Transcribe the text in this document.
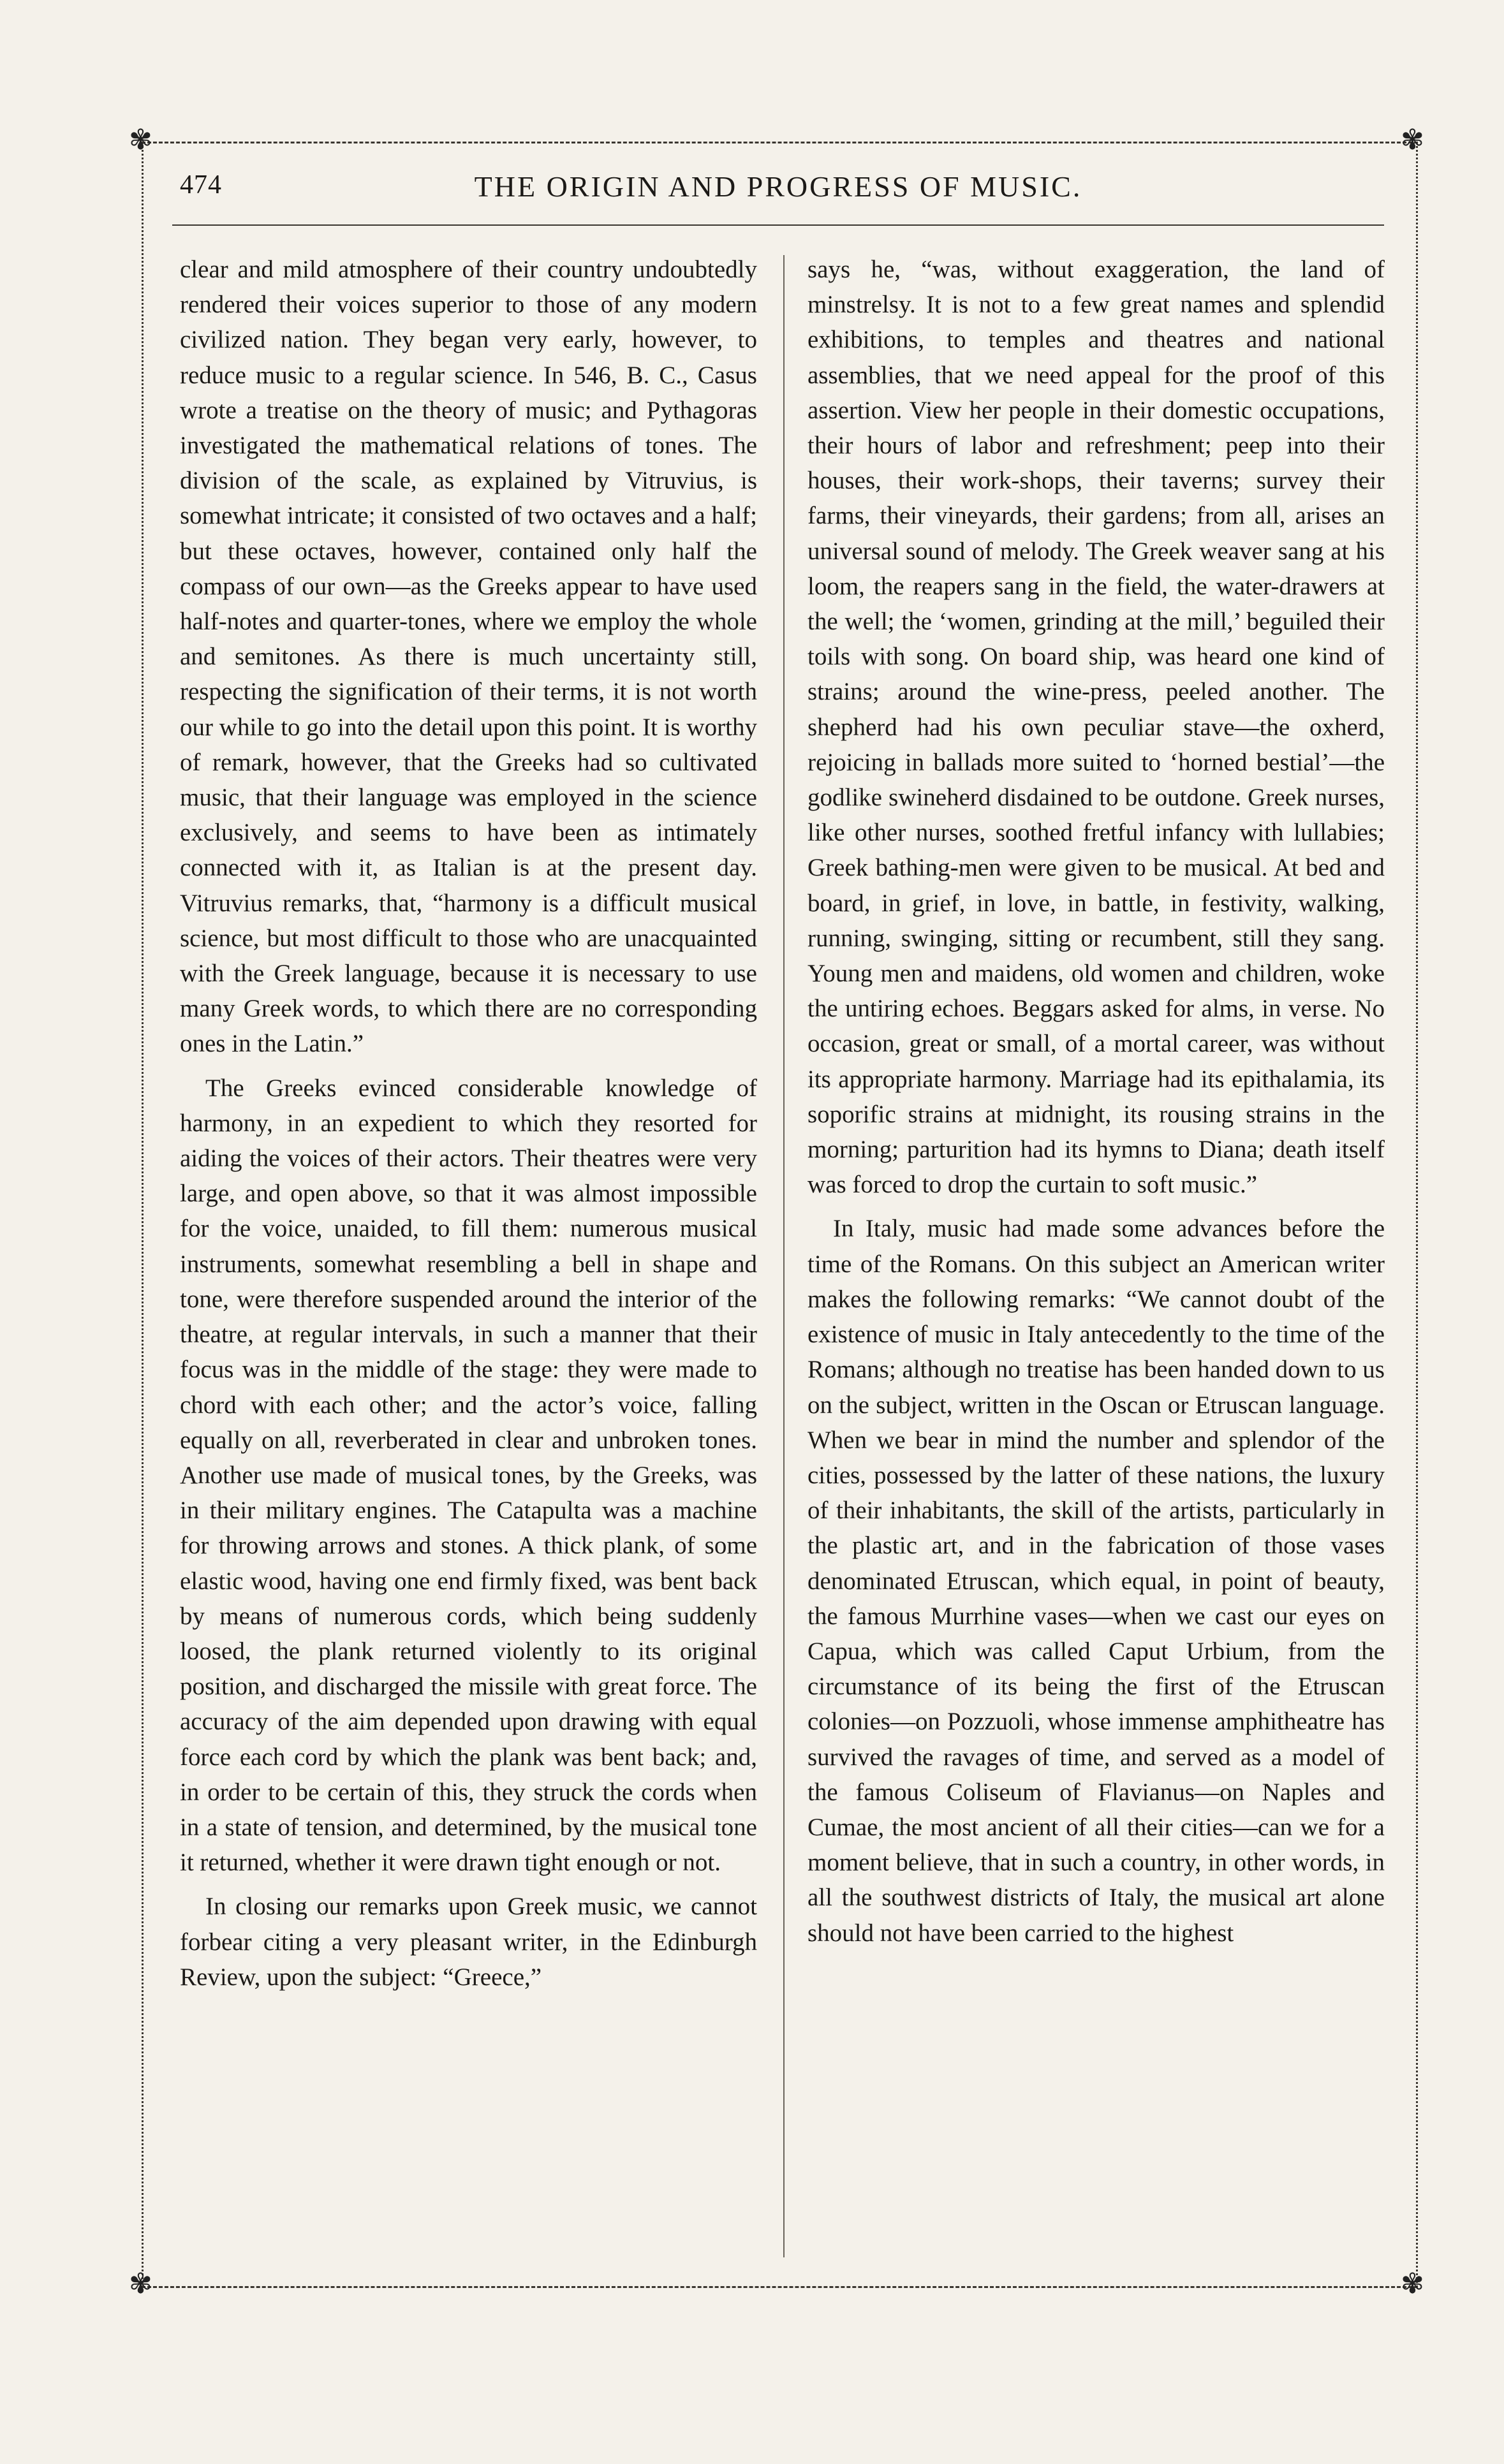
✾	✾
✾	✾
474	THE ORIGIN AND PROGRESS OF MUSIC.

clear and mild atmosphere of their country undoubtedly rendered their voices superior to those of any modern civilized nation. They began very early, however, to reduce music to a regular science. In 546, B. C., Casus wrote a treatise on the theory of music; and Pythagoras investigated the mathematical relations of tones. The division of the scale, as explained by Vitruvius, is somewhat intricate; it consisted of two octaves and a half; but these octaves, however, contained only half the compass of our own—as the Greeks appear to have used half-notes and quarter-tones, where we employ the whole and semitones. As there is much uncertainty still, respecting the signification of their terms, it is not worth our while to go into the detail upon this point. It is worthy of remark, however, that the Greeks had so cultivated music, that their language was employed in the science exclusively, and seems to have been as intimately connected with it, as Italian is at the present day. Vitruvius remarks, that, “harmony is a difficult musical science, but most difficult to those who are unacquainted with the Greek language, because it is necessary to use many Greek words, to which there are no corresponding ones in the Latin.”

The Greeks evinced considerable knowledge of harmony, in an expedient to which they resorted for aiding the voices of their actors. Their theatres were very large, and open above, so that it was almost impossible for the voice, unaided, to fill them: numerous musical instruments, somewhat resembling a bell in shape and tone, were therefore suspended around the interior of the theatre, at regular intervals, in such a manner that their focus was in the middle of the stage: they were made to chord with each other; and the actor’s voice, falling equally on all, reverberated in clear and unbroken tones. Another use made of musical tones, by the Greeks, was in their military engines. The Catapulta was a machine for throwing arrows and stones. A thick plank, of some elastic wood, having one end firmly fixed, was bent back by means of numerous cords, which being suddenly loosed, the plank returned violently to its original position, and discharged the missile with great force. The accuracy of the aim depended upon drawing with equal force each cord by which the plank was bent back; and, in order to be certain of this, they struck the cords when in a state of tension, and determined, by the musical tone it returned, whether it were drawn tight enough or not.

In closing our remarks upon Greek music, we cannot forbear citing a very pleasant writer, in the Edinburgh Review, upon the subject: “Greece,”

says he, “was, without exaggeration, the land of minstrelsy. It is not to a few great names and splendid exhibitions, to temples and theatres and national assemblies, that we need appeal for the proof of this assertion. View her people in their domestic occupations, their hours of labor and refreshment; peep into their houses, their work-shops, their taverns; survey their farms, their vineyards, their gardens; from all, arises an universal sound of melody. The Greek weaver sang at his loom, the reapers sang in the field, the water-drawers at the well; the ‘women, grinding at the mill,’ beguiled their toils with song. On board ship, was heard one kind of strains; around the wine-press, peeled another. The shepherd had his own peculiar stave—the oxherd, rejoicing in ballads more suited to ‘horned bestial’—the godlike swineherd disdained to be outdone. Greek nurses, like other nurses, soothed fretful infancy with lullabies; Greek bathing-men were given to be musical. At bed and board, in grief, in love, in battle, in festivity, walking, running, swinging, sitting or recumbent, still they sang. Young men and maidens, old women and children, woke the untiring echoes. Beggars asked for alms, in verse. No occasion, great or small, of a mortal career, was without its appropriate harmony. Marriage had its epithalamia, its soporific strains at midnight, its rousing strains in the morning; parturition had its hymns to Diana; death itself was forced to drop the curtain to soft music.”

In Italy, music had made some advances before the time of the Romans. On this subject an American writer makes the following remarks: “We cannot doubt of the existence of music in Italy antecedently to the time of the Romans; although no treatise has been handed down to us on the subject, written in the Oscan or Etruscan language. When we bear in mind the number and splendor of the cities, possessed by the latter of these nations, the luxury of their inhabitants, the skill of the artists, particularly in the plastic art, and in the fabrication of those vases denominated Etruscan, which equal, in point of beauty, the famous Murrhine vases—when we cast our eyes on Capua, which was called Caput Urbium, from the circumstance of its being the first of the Etruscan colonies—on Pozzuoli, whose immense amphitheatre has survived the ravages of time, and served as a model of the famous Coliseum of Flavianus—on Naples and Cumae, the most ancient of all their cities—can we for a moment believe, that in such a country, in other words, in all the southwest districts of Italy, the musical art alone should not have been carried to the highest
